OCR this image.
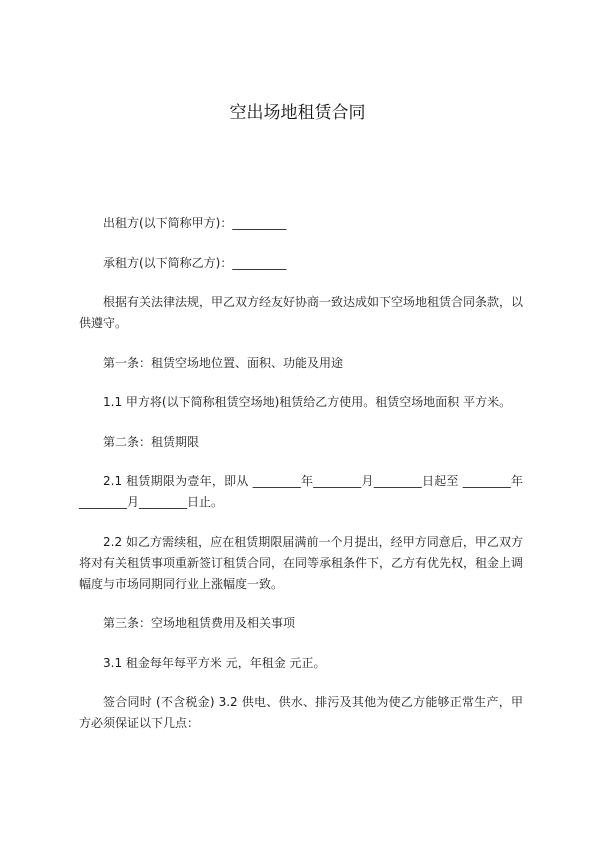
空出场地租赁合同
出租方(以下简称甲方)：_________
承租方(以下简称乙方)：_________
根据有关法律法规，甲乙双方经友好协商一致达成如下空场地租赁合同条款，以
供遵守。
第一条：租赁空场地位置、面积、功能及用途
1.1 甲方将(以下简称租赁空场地)租赁给乙方使用。租赁空场地面积 平方米。
第二条：租赁期限
2.1 租赁期限为壹年，即从 ________年________月________日起至 ________年
________月________日止。
2.2 如乙方需续租，应在租赁期限届满前一个月提出，经甲方同意后，甲乙双方
将对有关租赁事项重新签订租赁合同，在同等承租条件下，乙方有优先权，租金上调
幅度与市场同期同行业上涨幅度一致。
第三条：空场地租赁费用及相关事项
3.1 租金每年每平方米 元，年租金 元正。
签合同时 (不含税金) 3.2 供电、供水、排污及其他为使乙方能够正常生产，甲
方必须保证以下几点：
